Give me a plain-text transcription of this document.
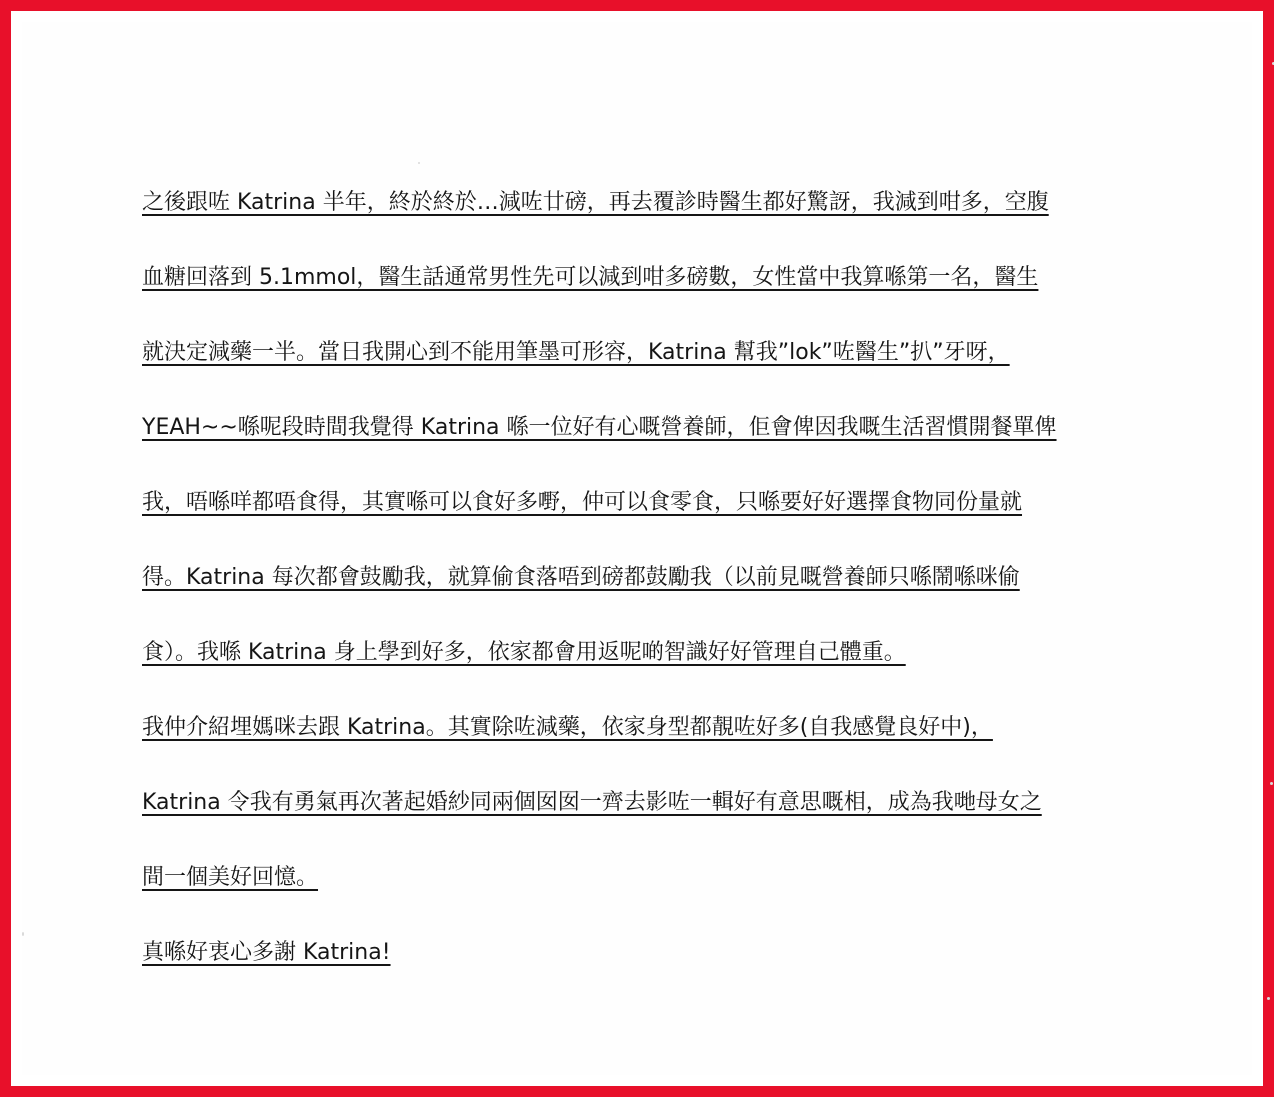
之後跟咗 Katrina 半年，終於終於…減咗廿磅，再去覆診時醫生都好驚訝，我減到咁多，空腹
血糖回落到 5.1mmol，醫生話通常男性先可以減到咁多磅數，女性當中我算喺第一名，醫生
就決定減藥一半。當日我開心到不能用筆墨可形容，Katrina 幫我”lok”咗醫生”扒”牙呀，
YEAH~~喺呢段時間我覺得 Katrina 喺一位好有心嘅營養師，佢會俾因我嘅生活習慣開餐單俾
我，唔喺咩都唔食得，其實喺可以食好多嘢，仲可以食零食，只喺要好好選擇食物同份量就
得。Katrina 每次都會鼓勵我，就算偷食落唔到磅都鼓勵我（以前見嘅營養師只喺鬧喺咪偷
食）。我喺 Katrina 身上學到好多，依家都會用返呢啲智識好好管理自己體重。
我仲介紹埋媽咪去跟 Katrina。其實除咗減藥，依家身型都靚咗好多(自我感覺良好中)，
Katrina 令我有勇氣再次著起婚紗同兩個囡囡一齊去影咗一輯好有意思嘅相，成為我哋母女之
間一個美好回憶。
真喺好衷心多謝 Katrina!
